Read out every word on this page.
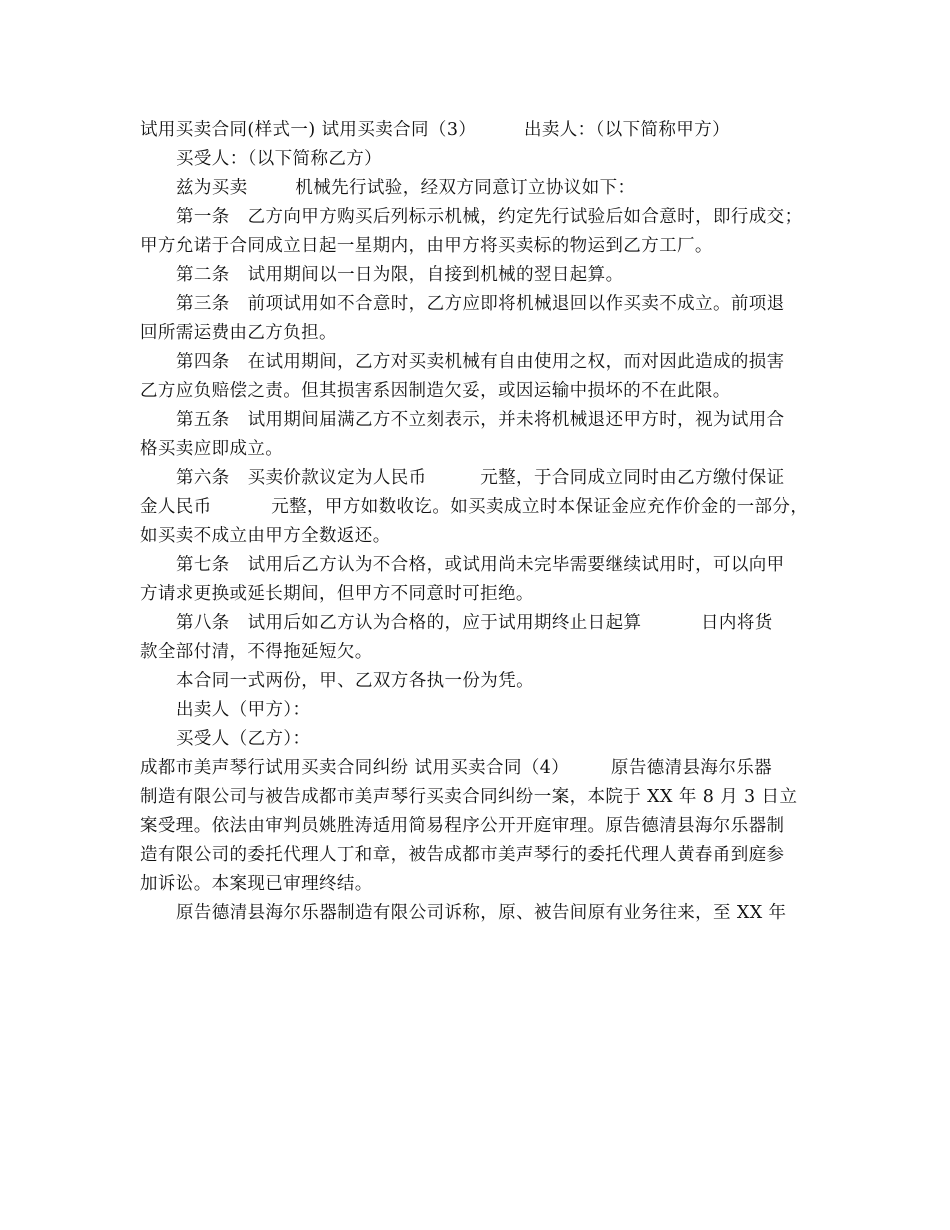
试用买卖合同(样式一) 试用买卖合同（3）        出卖人：（以下简称甲方）
买受人：（以下简称乙方）
兹为买卖        机械先行试验，经双方同意订立协议如下：
第一条   乙方向甲方购买后列标示机械，约定先行试验后如合意时，即行成交；
甲方允诺于合同成立日起一星期内，由甲方将买卖标的物运到乙方工厂。
第二条   试用期间以一日为限，自接到机械的翌日起算。
第三条   前项试用如不合意时，乙方应即将机械退回以作买卖不成立。前项退
回所需运费由乙方负担。
第四条   在试用期间，乙方对买卖机械有自由使用之权，而对因此造成的损害
乙方应负赔偿之责。但其损害系因制造欠妥，或因运输中损坏的不在此限。
第五条   试用期间届满乙方不立刻表示，并未将机械退还甲方时，视为试用合
格买卖应即成立。
第六条   买卖价款议定为人民币         元整，于合同成立同时由乙方缴付保证
金人民币          元整，甲方如数收讫。如买卖成立时本保证金应充作价金的一部分，
如买卖不成立由甲方全数返还。
第七条   试用后乙方认为不合格，或试用尚未完毕需要继续试用时，可以向甲
方请求更换或延长期间，但甲方不同意时可拒绝。
第八条   试用后如乙方认为合格的，应于试用期终止日起算          日内将货
款全部付清，不得拖延短欠。
本合同一式两份，甲、乙双方各执一份为凭。
出卖人（甲方）：
买受人（乙方）：
成都市美声琴行试用买卖合同纠纷 试用买卖合同（4）       原告德清县海尔乐器
制造有限公司与被告成都市美声琴行买卖合同纠纷一案，本院于 XX 年 8 月 3 日立
案受理。依法由审判员姚胜涛适用简易程序公开开庭审理。原告德清县海尔乐器制
造有限公司的委托代理人丁和章，被告成都市美声琴行的委托代理人黄春甬到庭参
加诉讼。本案现已审理终结。
原告德清县海尔乐器制造有限公司诉称，原、被告间原有业务往来，至 XX 年
